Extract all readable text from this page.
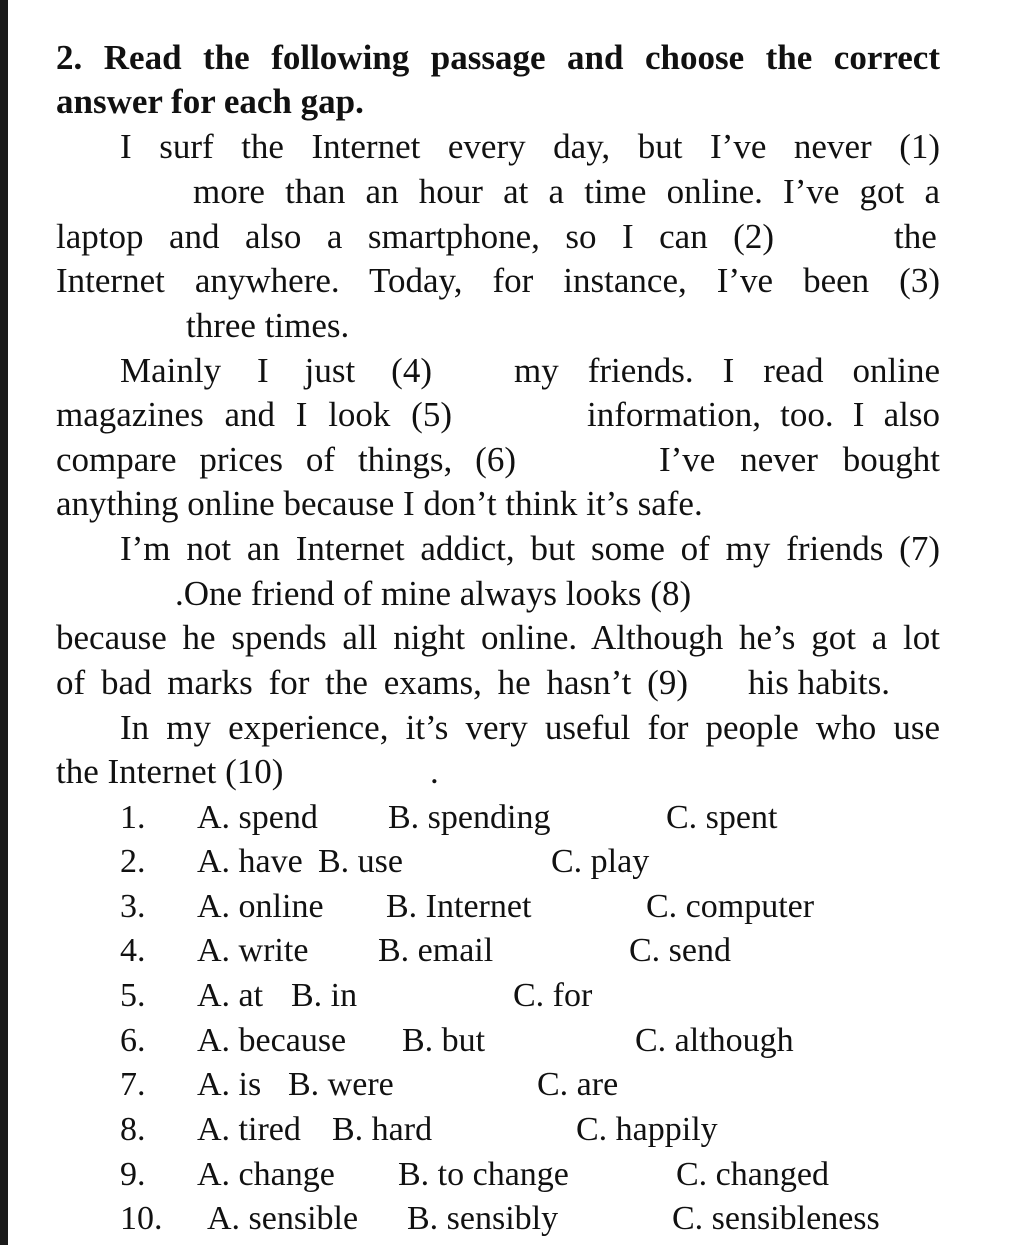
2. Read the following passage and choose the correct
answer for each gap.
I surf the Internet every day, but I’ve never (1)
more than an hour at a time online. I’ve got a
laptop and also a smartphone, so I can (2)	the
Internet anywhere. Today, for instance, I’ve been (3)
three times.
Mainly I just (4) my friends. I read online
magazines and I look (5)	information, too. I also
compare prices of things, (6)	I’ve never bought
anything online because I don’t think it’s safe.
I’m not an Internet addict, but some of my friends (7)
.One friend of mine always looks (8)
because he spends all night online. Although he’s got a lot
of bad marks for the exams, he hasn’t (9) his habits.
In my experience, it’s very useful for people who use
the Internet (10)	.
1. A. spend B. spending	C. spent
2. A. have B. use	C. play
3. A. online B. Internet	C. computer
4. A. write B. email	C. send
5. A. at B. in	C. for
6. A. because B. but	C. although
7. A. is B. were	C. are
8. A. tired B. hard	C. happily
9. A. change B. to change	C. changed
10. A. sensible B. sensibly	C. sensibleness
